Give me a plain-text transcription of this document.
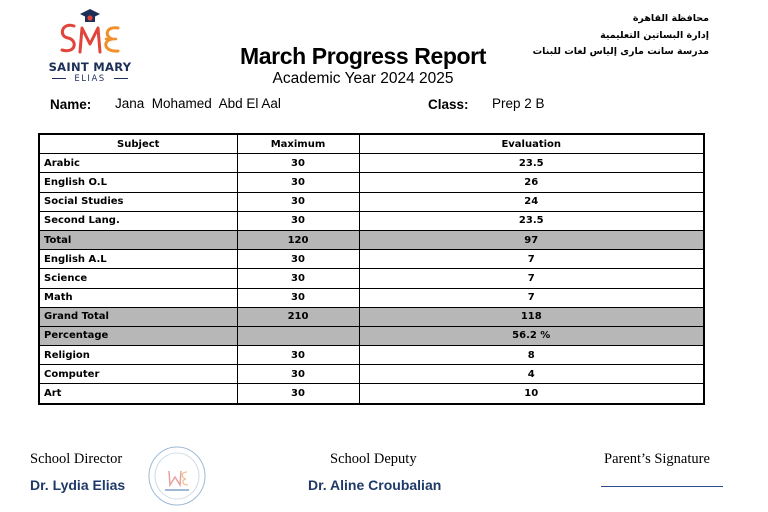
SAINT MARY
ELIAS
March Progress Report
Academic Year 2024 2025
محافظة القاهرة
إدارة البساتين التعليمية
مدرسة سانت مارى إلياس لغات للبنات
Name: Jana  Mohamed  Abd El Aal	Class: Prep 2 B
Subject	Maximum	Evaluation
Arabic	30	23.5
English O.L	30	26
Social Studies	30	24
Second Lang.	30	23.5
Total	120	97
English A.L	30	7
Science	30	7
Math	30	7
Grand Total	210	118
Percentage		56.2 %
Religion	30	8
Computer	30	4
Art	30	10
School Director
Dr. Lydia Elias
School Deputy
Dr. Aline Croubalian
Parent’s Signature
